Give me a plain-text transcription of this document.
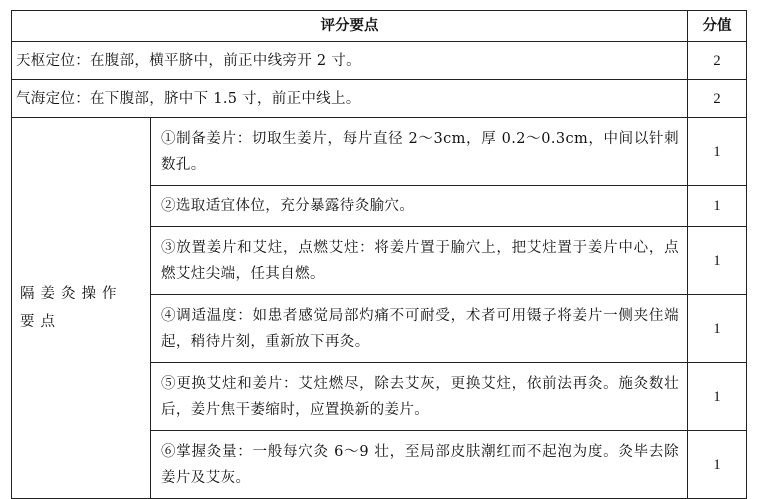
评分要点		分值
天枢定位：在腹部，横平脐中，前正中线旁开 2 寸。		2
气海定位：在下腹部，脐中下 1.5 寸，前正中线上。		2
隔姜灸操作要点	①制备姜片：切取生姜片，每片直径 2～3cm，厚 0.2～0.3cm，中间以针刺数孔。	1
	②选取适宜体位，充分暴露待灸腧穴。	1
	③放置姜片和艾炷，点燃艾炷：将姜片置于腧穴上，把艾炷置于姜片中心，点燃艾炷尖端，任其自燃。	1
	④调适温度：如患者感觉局部灼痛不可耐受，术者可用镊子将姜片一侧夹住端起，稍待片刻，重新放下再灸。	1
	⑤更换艾炷和姜片：艾炷燃尽，除去艾灰，更换艾炷，依前法再灸。施灸数壮后，姜片焦干萎缩时，应置换新的姜片。	1
	⑥掌握灸量：一般每穴灸 6～9 壮，至局部皮肤潮红而不起泡为度。灸毕去除姜片及艾灰。	1
